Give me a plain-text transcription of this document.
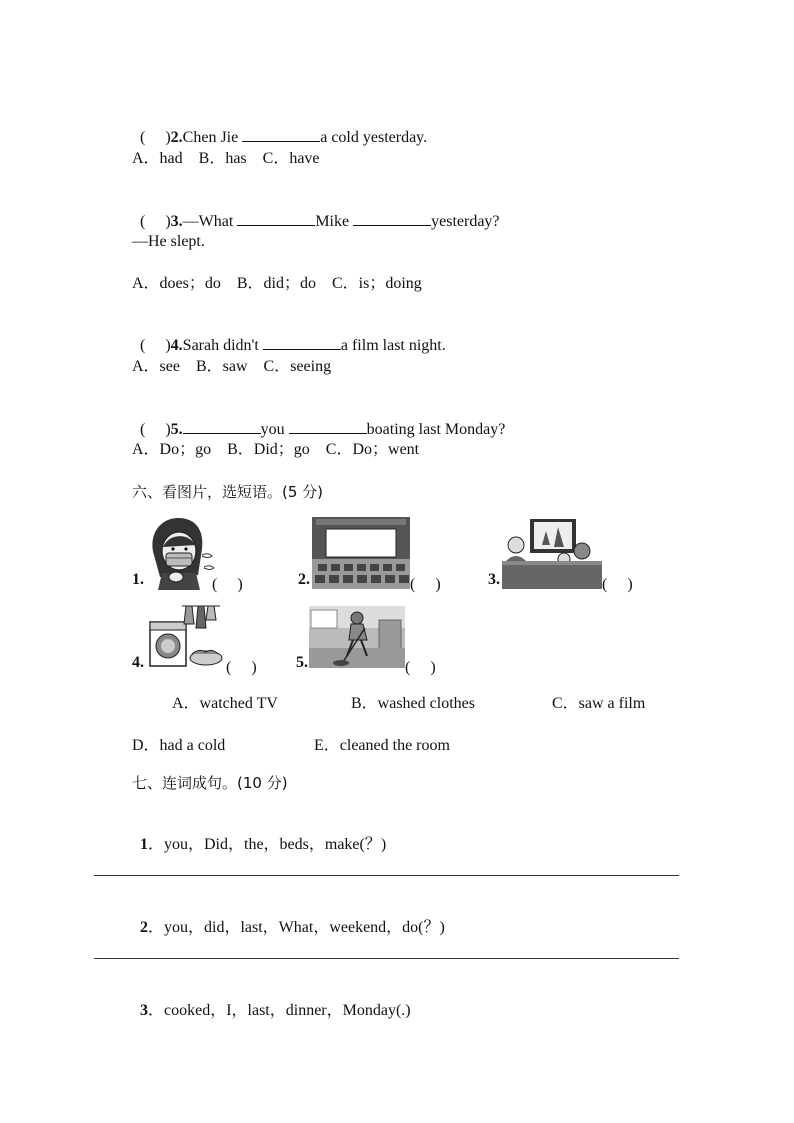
(　 )2.Chen Jie	a cold yesterday.

A．had　B．has　C．have

(　 )3.—What	Mike	yesterday?

—He slept.
A．does；do　B．did；do　C．is；doing

(　 )4.Sarah didn't	a film last night.

A．see　B．saw　C．seeing

(　 )5.	you	boating last Monday?

A．Do；go　B．Did；go　C．Do；went
六、看图片，选短语。(5 分)
1.	(　 )	2.	(　 )	3.	(　 )
4.	(　 ) 5.	(　 )
A．watched TV	B．washed clothes	C．saw a film
D．had a cold	E．cleaned the room
七、连词成句。(10 分)

1．you，Did，the，beds，make(？)

2．you，did，last，What，weekend，do(？)

3．cooked，I，last，dinner，Monday(.)
